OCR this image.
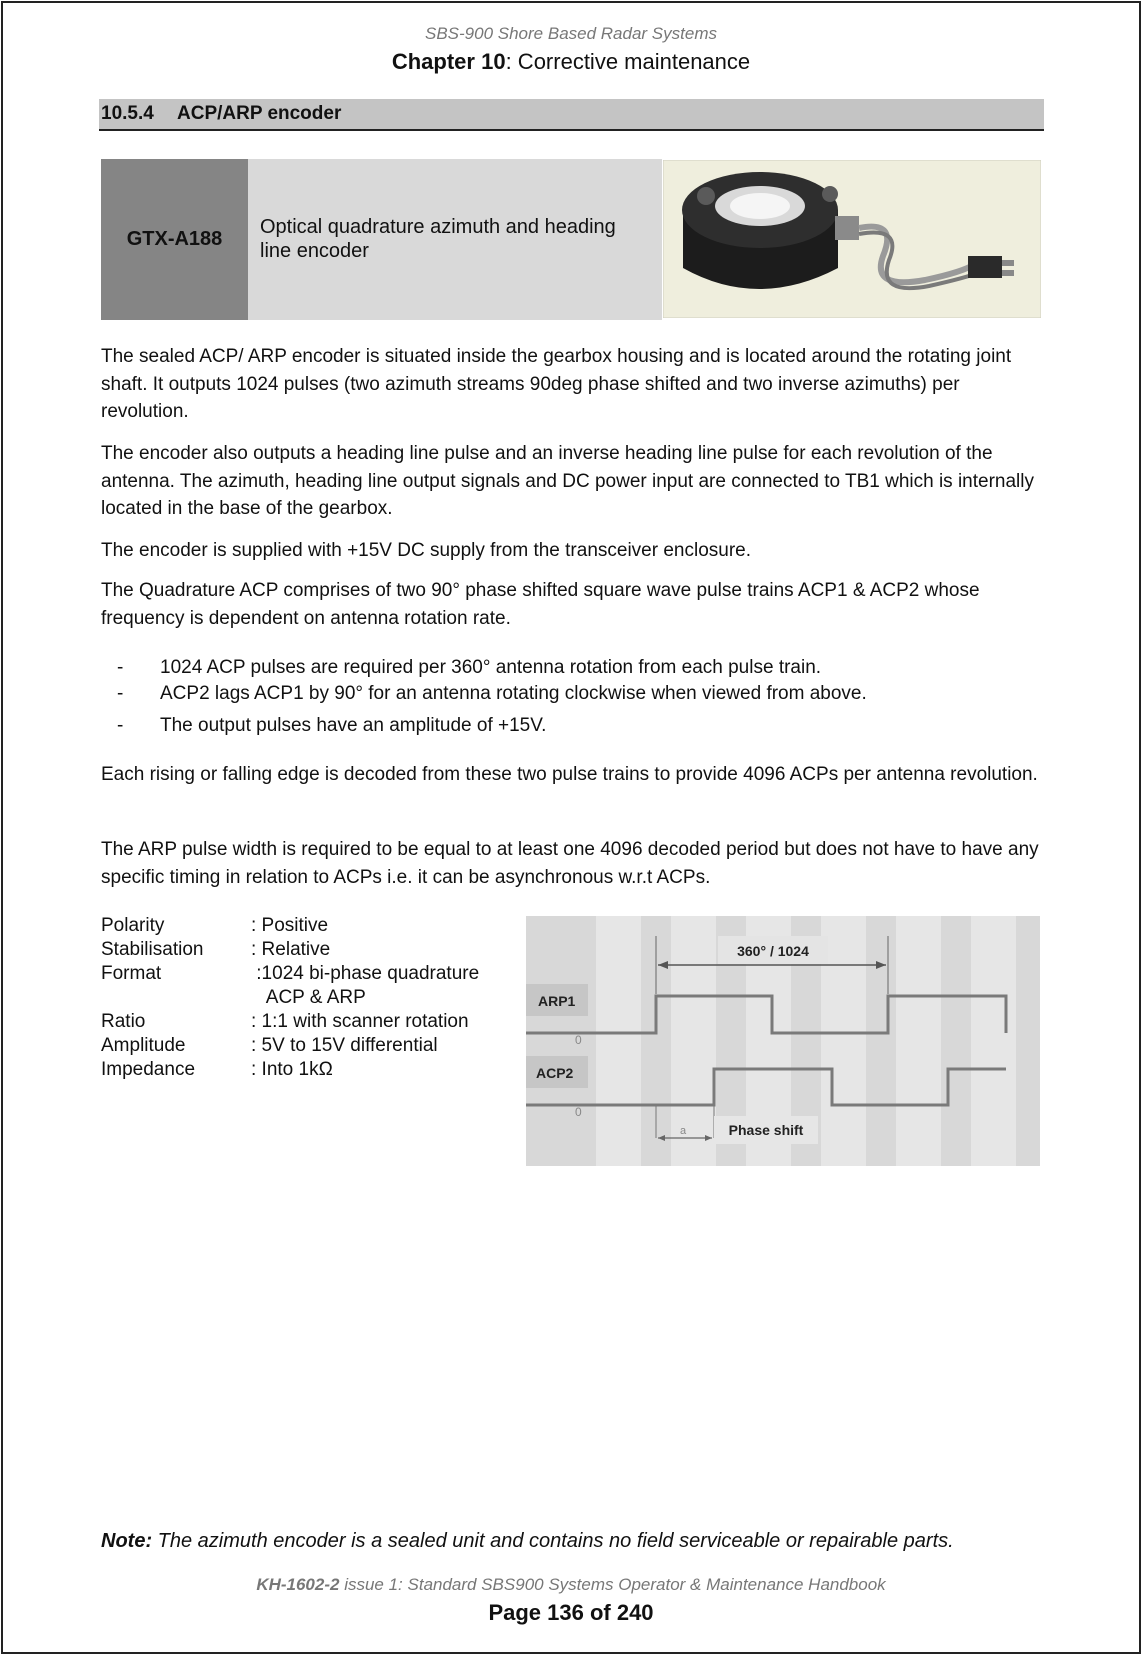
SBS-900 Shore Based Radar Systems
Chapter 10: Corrective maintenance
10.5.4 ACP/ARP encoder
GTX-A188
Optical quadrature azimuth and heading line encoder
The sealed ACP/ ARP encoder is situated inside the gearbox housing and is located around the rotating joint shaft. It outputs 1024 pulses (two azimuth streams 90deg phase shifted and two inverse azimuths) per revolution.
The encoder also outputs a heading line pulse and an inverse heading line pulse for each revolution of the antenna. The azimuth, heading line output signals and DC power input are connected to TB1 which is internally located in the base of the gearbox.
The encoder is supplied with +15V DC supply from the transceiver enclosure.
The Quadrature ACP comprises of two 90° phase shifted square wave pulse trains ACP1 & ACP2 whose frequency is dependent on antenna rotation rate.
- 1024 ACP pulses are required per 360° antenna rotation from each pulse train.
- ACP2 lags ACP1 by 90° for an antenna rotating clockwise when viewed from above.
- The output pulses have an amplitude of +15V.
Each rising or falling edge is decoded from these two pulse trains to provide 4096 ACPs per antenna revolution.
The ARP pulse width is required to be equal to at least one 4096 decoded period but does not have to have any specific timing in relation to ACPs i.e. it can be asynchronous w.r.t ACPs.
Polarity	: Positive
Stabilisation	: Relative
Format	:1024 bi-phase quadrature
ACP & ARP
Ratio	: 1:1 with scanner rotation
Amplitude	: 5V to 15V differential
Impedance	: Into 1kΩ
360° / 1024
ARP1
0
ACP2
0
a	Phase shift
Note: The azimuth encoder is a sealed unit and contains no field serviceable or repairable parts.
KH-1602-2 issue 1: Standard SBS900 Systems Operator & Maintenance Handbook
Page 136 of 240
